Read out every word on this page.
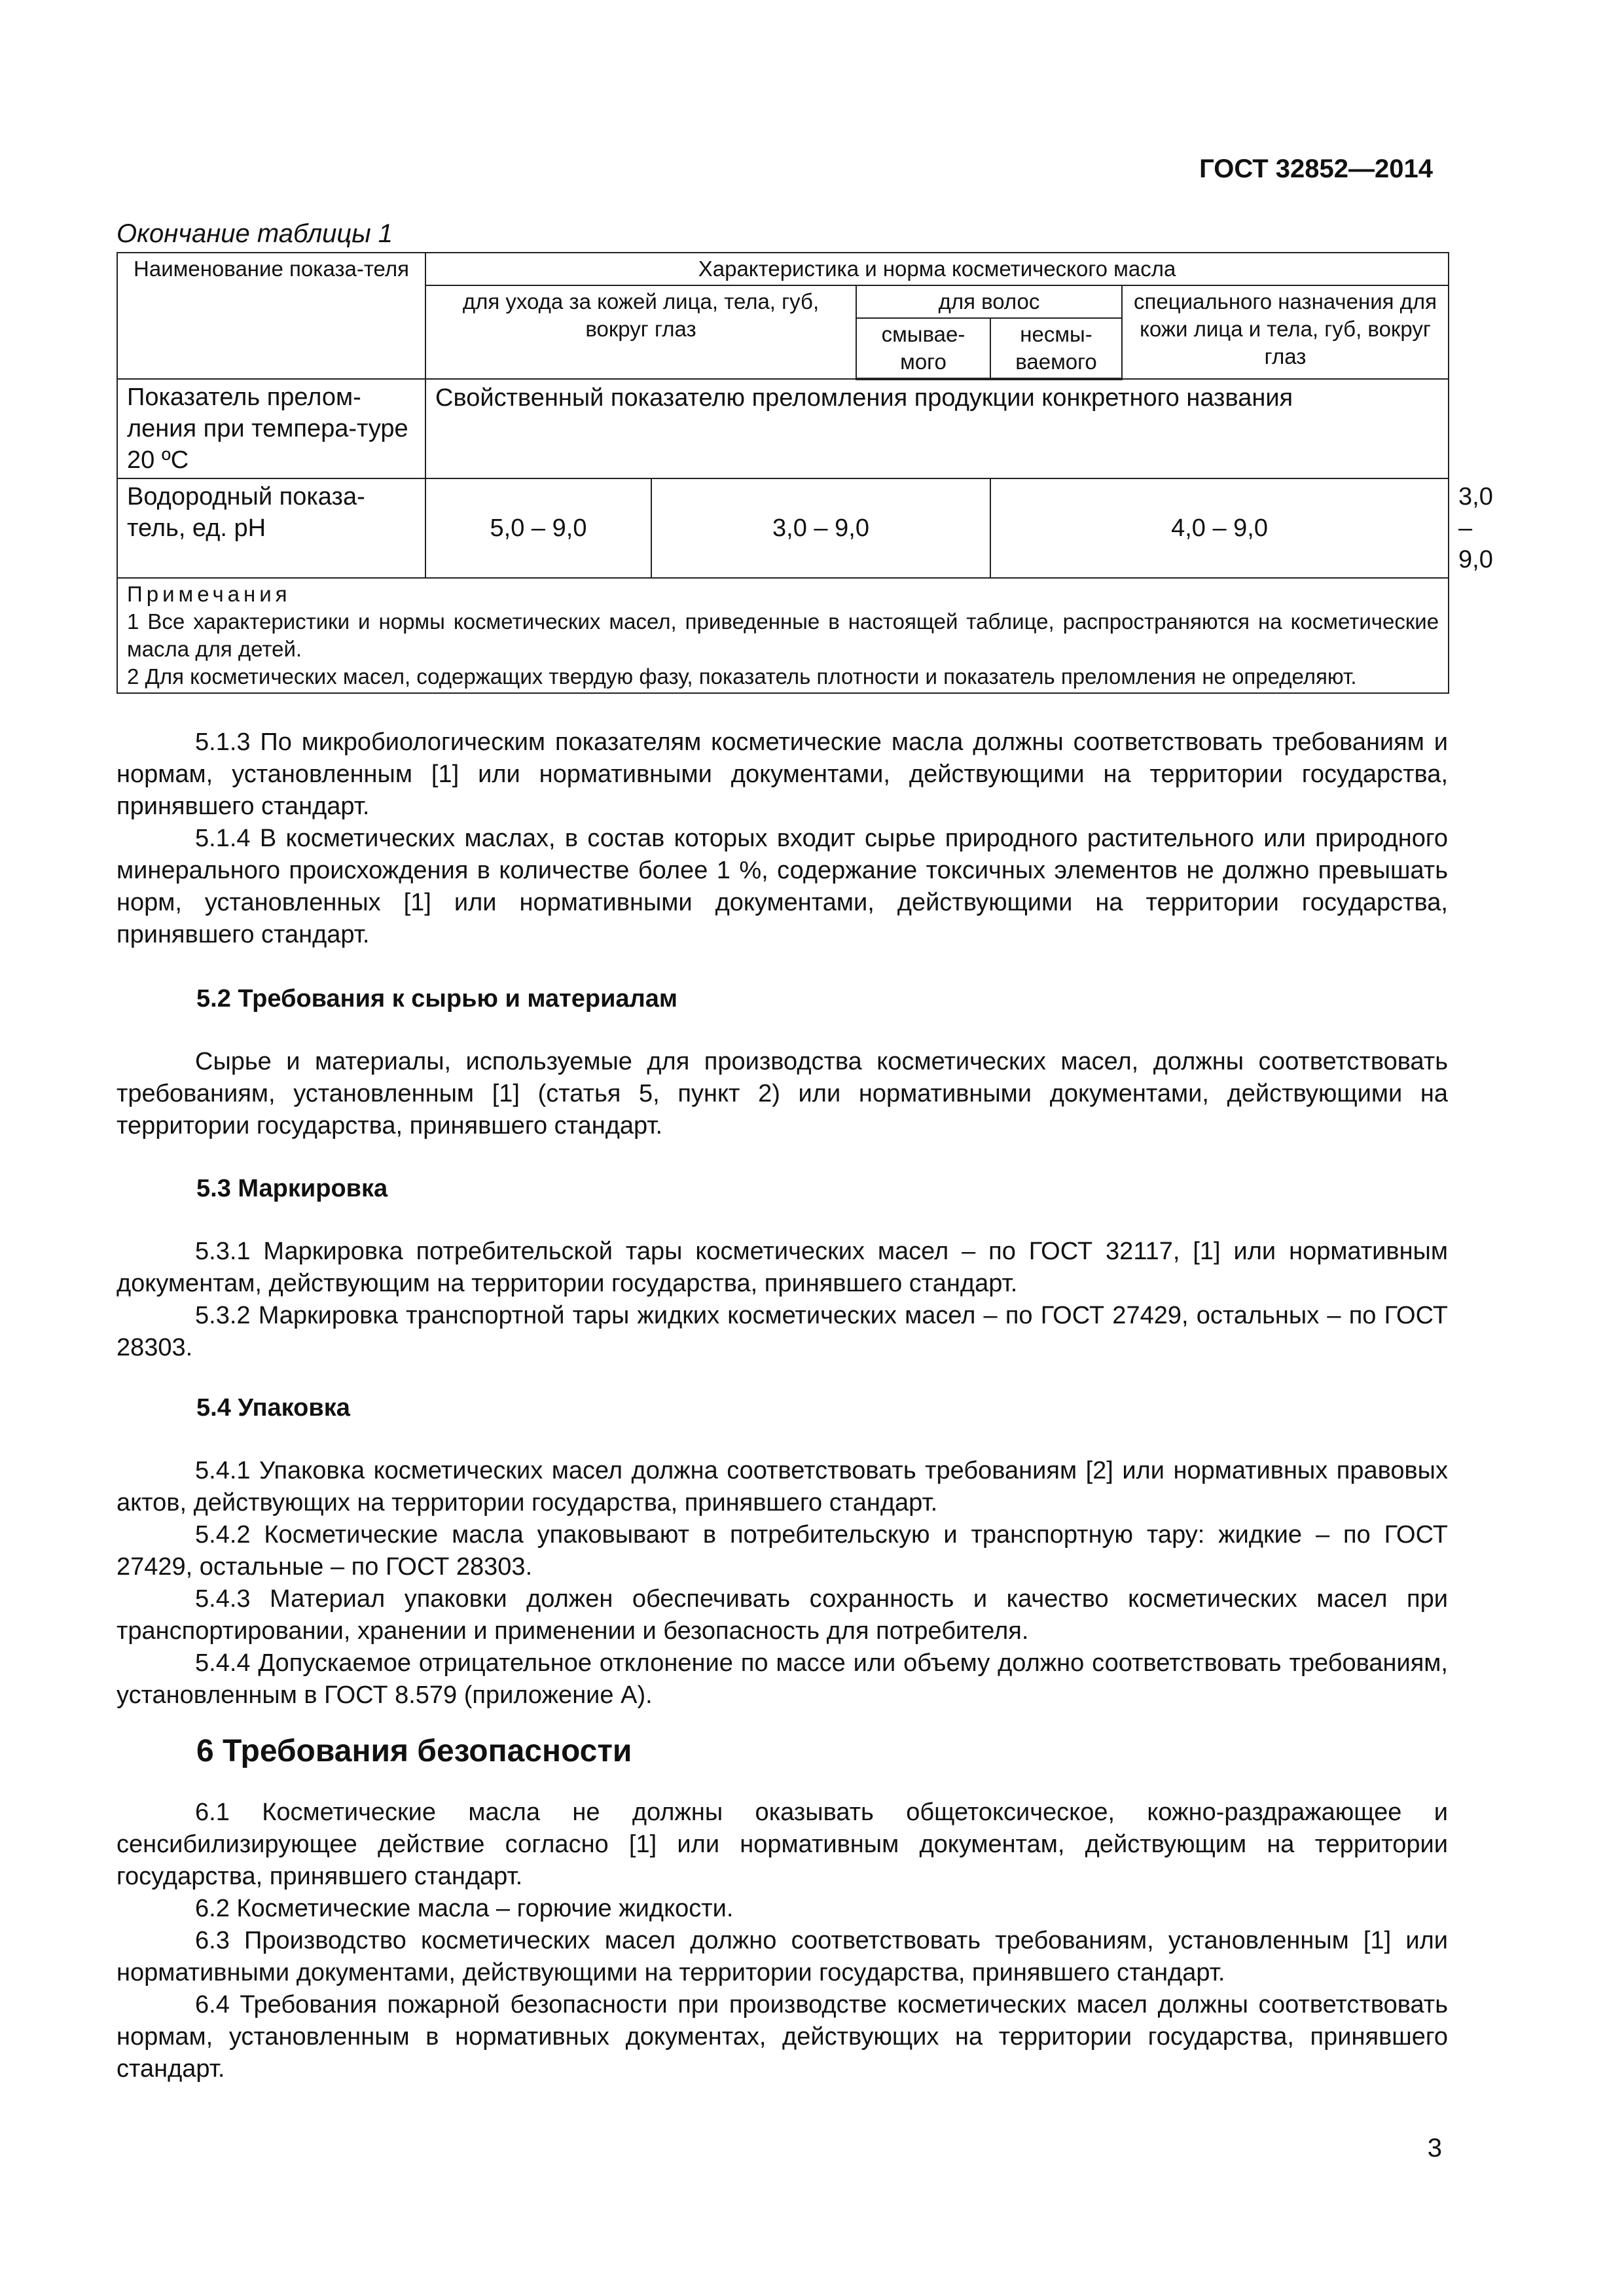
ГОСТ 32852—2014
Окончание таблицы 1
Наименование показа-теля	Характеристика и норма косметического масла					
	для ухода за кожей лица, тела, губ, вокруг глаз		для волос		специального назначения для кожи лица и тела, губ, вокруг глаз	
			смывае-мого	несмы-ваемого		
Показатель прелом-ления при темпера-туре 20 ºС	Свойственный показателю преломления продукции конкретного названия					
Водородный показа-тель, ед. рН	5,0 – 9,0	3,0 – 9,0		4,0 – 9,0		3,0 – 9,0

Примечания
1 Все характеристики и нормы косметических масел, приведенные в настоящей таблице, распространяются на косметические масла для детей.
2 Для косметических масел, содержащих твердую фазу, показатель плотности и показатель преломления не определяют.						

5.1.3 По микробиологическим показателям косметические масла должны соответствовать требованиям и нормам, установленным [1] или нормативными документами, действующими на территории государства, принявшего стандарт.

5.1.4 В косметических маслах, в состав которых входит сырье природного растительного или природного минерального происхождения в количестве более 1 %, содержание токсичных элементов не должно превышать норм, установленных [1] или нормативными документами, действующими на территории государства, принявшего стандарт.

5.2 Требования к сырью и материалам

Сырье и материалы, используемые для производства косметических масел, должны соответствовать требованиям, установленным [1] (статья 5, пункт 2) или нормативными документами, действующими на территории государства, принявшего стандарт.

5.3 Маркировка

5.3.1 Маркировка потребительской тары косметических масел – по ГОСТ 32117, [1] или нормативным документам, действующим на территории государства, принявшего стандарт.

5.3.2 Маркировка транспортной тары жидких косметических масел – по ГОСТ 27429, остальных – по ГОСТ 28303.

5.4 Упаковка

5.4.1 Упаковка косметических масел должна соответствовать требованиям [2] или нормативных правовых актов, действующих на территории государства, принявшего стандарт.

5.4.2 Косметические масла упаковывают в потребительскую и транспортную тару: жидкие – по ГОСТ 27429, остальные – по ГОСТ 28303.

5.4.3 Материал упаковки должен обеспечивать сохранность и качество косметических масел при транспортировании, хранении и применении и безопасность для потребителя.

5.4.4 Допускаемое отрицательное отклонение по массе или объему должно соответствовать требованиям, установленным в ГОСТ 8.579 (приложение А).

6 Требования безопасности

6.1 Косметические масла не должны оказывать общетоксическое, кожно-раздражающее и сенсибилизирующее действие согласно [1] или нормативным документам, действующим на территории государства, принявшего стандарт.

6.2 Косметические масла – горючие жидкости.

6.3 Производство косметических масел должно соответствовать требованиям, установленным [1] или нормативными документами, действующими на территории государства, принявшего стандарт.

6.4 Требования пожарной безопасности при производстве косметических масел должны соответствовать нормам, установленным в нормативных документах, действующих на территории государства, принявшего стандарт.

3
